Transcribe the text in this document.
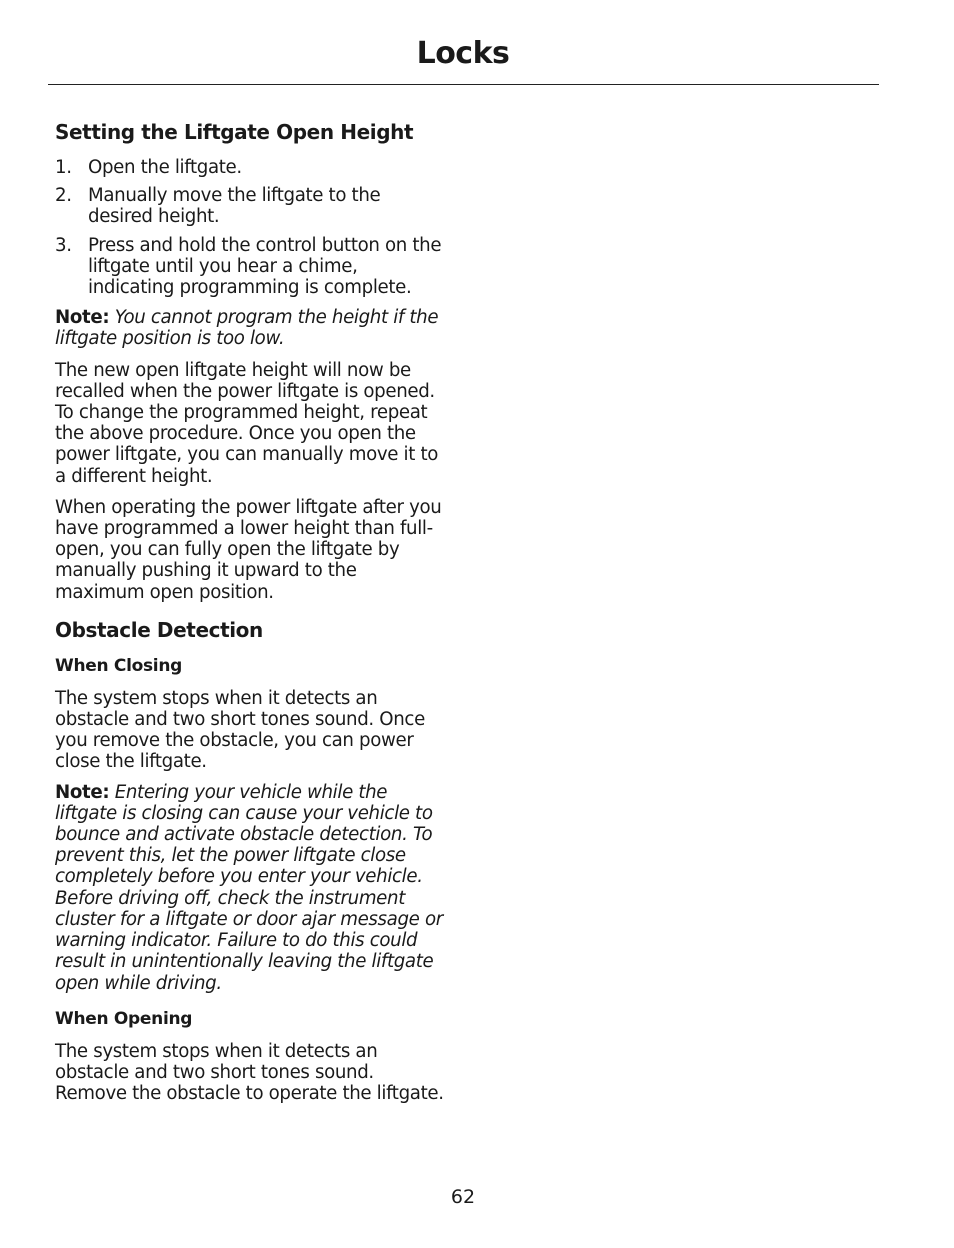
Locks
Setting the Liftgate Open Height
1. Open the liftgate.
2. Manually move the liftgate to the desired height.
3. Press and hold the control button on the liftgate until you hear a chime, indicating programming is complete.

Note: You cannot program the height if the liftgate position is too low.

The new open liftgate height will now be recalled when the power liftgate is opened. To change the programmed height, repeat the above procedure. Once you open the power liftgate, you can manually move it to a different height.

When operating the power liftgate after you have programmed a lower height than full-open, you can fully open the liftgate by manually pushing it upward to the maximum open position.

Obstacle Detection
When Closing

The system stops when it detects an obstacle and two short tones sound. Once you remove the obstacle, you can power close the liftgate.

Note: Entering your vehicle while the liftgate is closing can cause your vehicle to bounce and activate obstacle detection. To prevent this, let the power liftgate close completely before you enter your vehicle. Before driving off, check the instrument cluster for a liftgate or door ajar message or warning indicator. Failure to do this could result in unintentionally leaving the liftgate open while driving.

When Opening

The system stops when it detects an obstacle and two short tones sound. Remove the obstacle to operate the liftgate.

62
